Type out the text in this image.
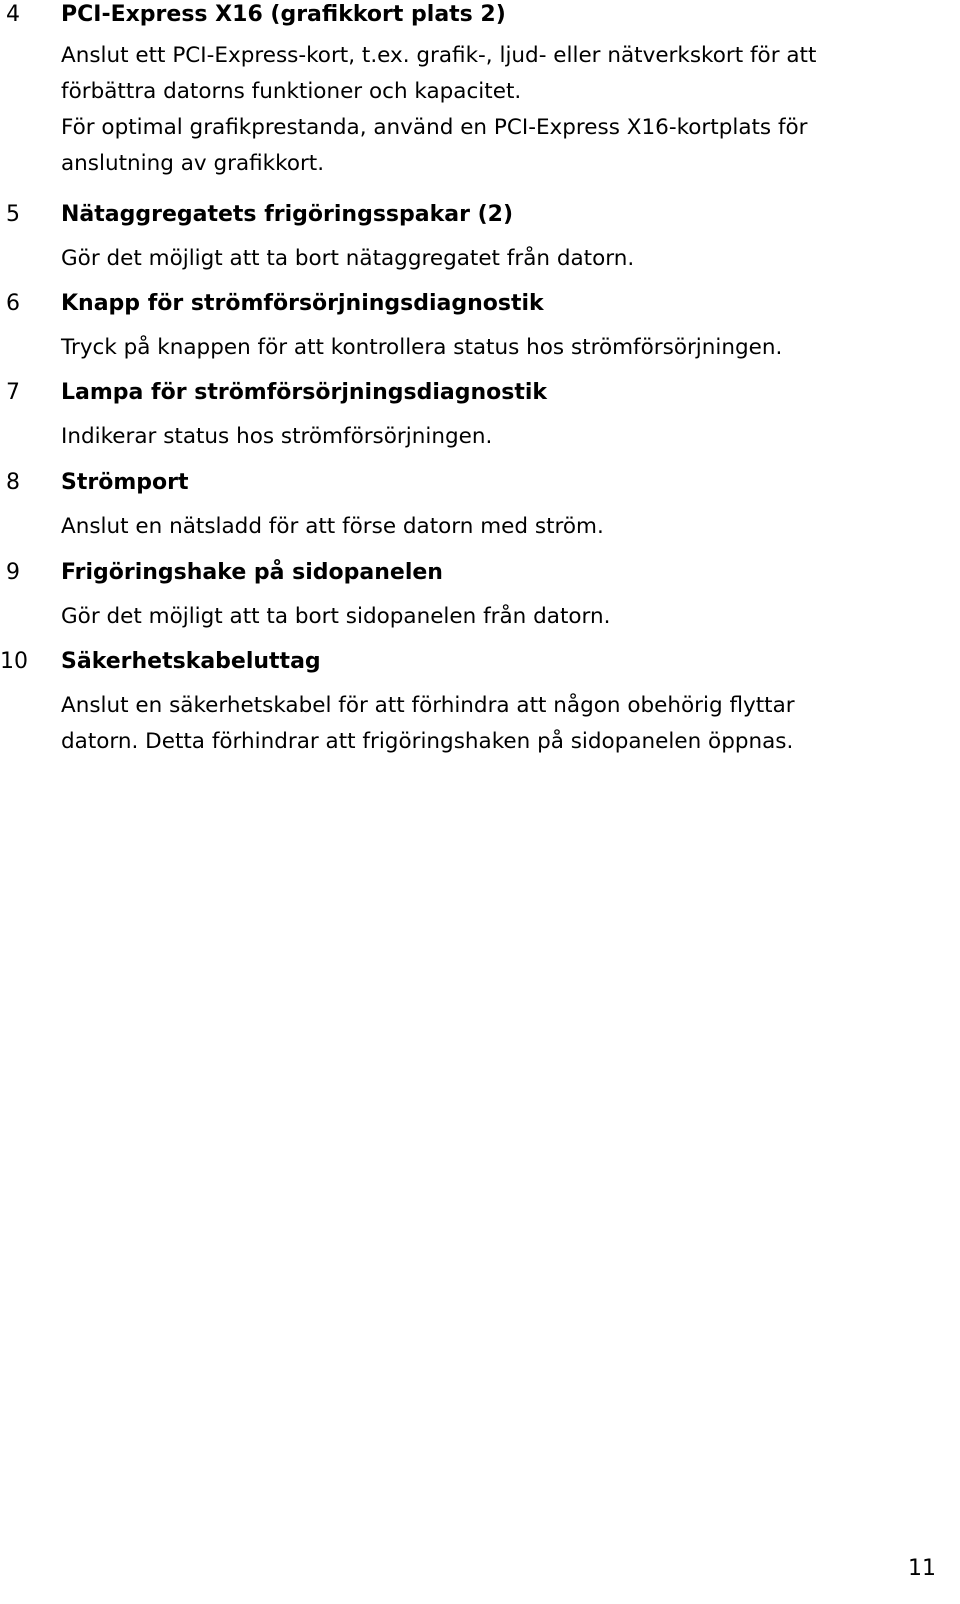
4 PCI-Express X16 (grafikkort plats 2)
Anslut ett PCI-Express-kort, t.ex. grafik-, ljud- eller nätverkskort för att
förbättra datorns funktioner och kapacitet.
För optimal grafikprestanda, använd en PCI-Express X16-kortplats för
anslutning av grafikkort.
5 Nätaggregatets frigöringsspakar (2)
Gör det möjligt att ta bort nätaggregatet från datorn.
6 Knapp för strömförsörjningsdiagnostik
Tryck på knappen för att kontrollera status hos strömförsörjningen.
7 Lampa för strömförsörjningsdiagnostik
Indikerar status hos strömförsörjningen.
8 Strömport
Anslut en nätsladd för att förse datorn med ström.
9 Frigöringshake på sidopanelen
Gör det möjligt att ta bort sidopanelen från datorn.
10 Säkerhetskabeluttag
Anslut en säkerhetskabel för att förhindra att någon obehörig flyttar
datorn. Detta förhindrar att frigöringshaken på sidopanelen öppnas.
11
